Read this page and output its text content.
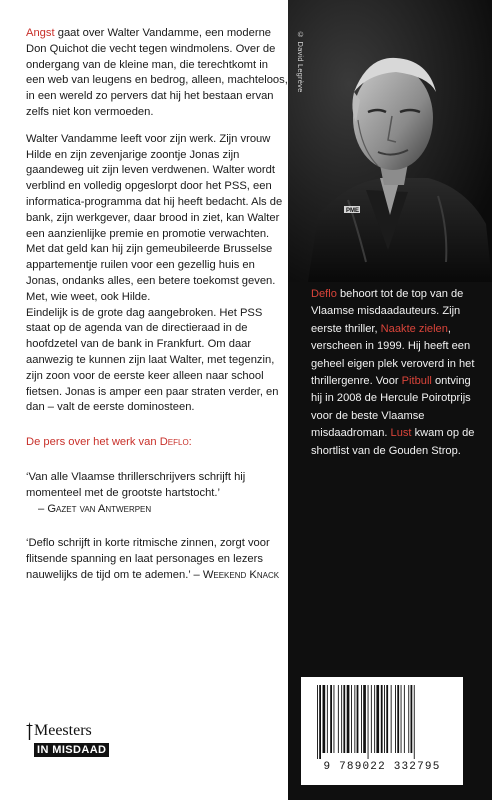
Angst gaat over Walter Vandamme, een moderne Don Quichot die vecht tegen windmolens. Over de ondergang van de kleine man, die terechtkomt in een web van leugens en bedrog, alleen, machteloos, in een wereld zo pervers dat hij het bestaan ervan zelfs niet kon vermoeden.

Walter Vandamme leeft voor zijn werk. Zijn vrouw Hilde en zijn zevenjarige zoontje Jonas zijn gaandeweg uit zijn leven verdwenen. Walter wordt verblind en volledig opgeslorpt door het PSS, een informatica-programma dat hij heeft bedacht. Als de bank, zijn werkgever, daar brood in ziet, kan Walter een aanzienlijke premie en promotie verwachten. Met dat geld kan hij zijn gemeubileerde Brusselse appartementje ruilen voor een gezellig huis en Jonas, ondanks alles, een betere toekomst geven. Met, wie weet, ook Hilde.

Eindelijk is de grote dag aangebroken. Het PSS staat op de agenda van de directieraad in de hoofdzetel van de bank in Frankfurt. Om daar aanwezig te kunnen zijn laat Walter, met tegenzin, zijn zoon voor de eerste keer alleen naar school fietsen. Jonas is amper een paar straten verder, en dan – valt de eerste dominosteen.

De pers over het werk van Deflo:

‘Van alle Vlaamse thrillerschrijvers schrijft hij momenteel met de grootste hartstocht.’

– Gazet van Antwerpen

‘Deflo schrijft in korte ritmische zinnen, zorgt voor flitsende spanning en laat personages en lezers nauwelijks de tijd om te ademen.’ – Weekend Knack

© David Legrève
PME
Deflo behoort tot de top van de Vlaamse misdaadauteurs. Zijn eerste thriller, Naakte zielen, verscheen in 1999. Hij heeft een geheel eigen plek veroverd in het thrillergenre. Voor Pitbull ontving hij in 2008 de Hercule Poirotprijs voor de beste Vlaamse misdaadroman. Lust kwam op de shortlist van de Gouden Strop.
Meesters
IN MISDAAD
9 789022 332795
